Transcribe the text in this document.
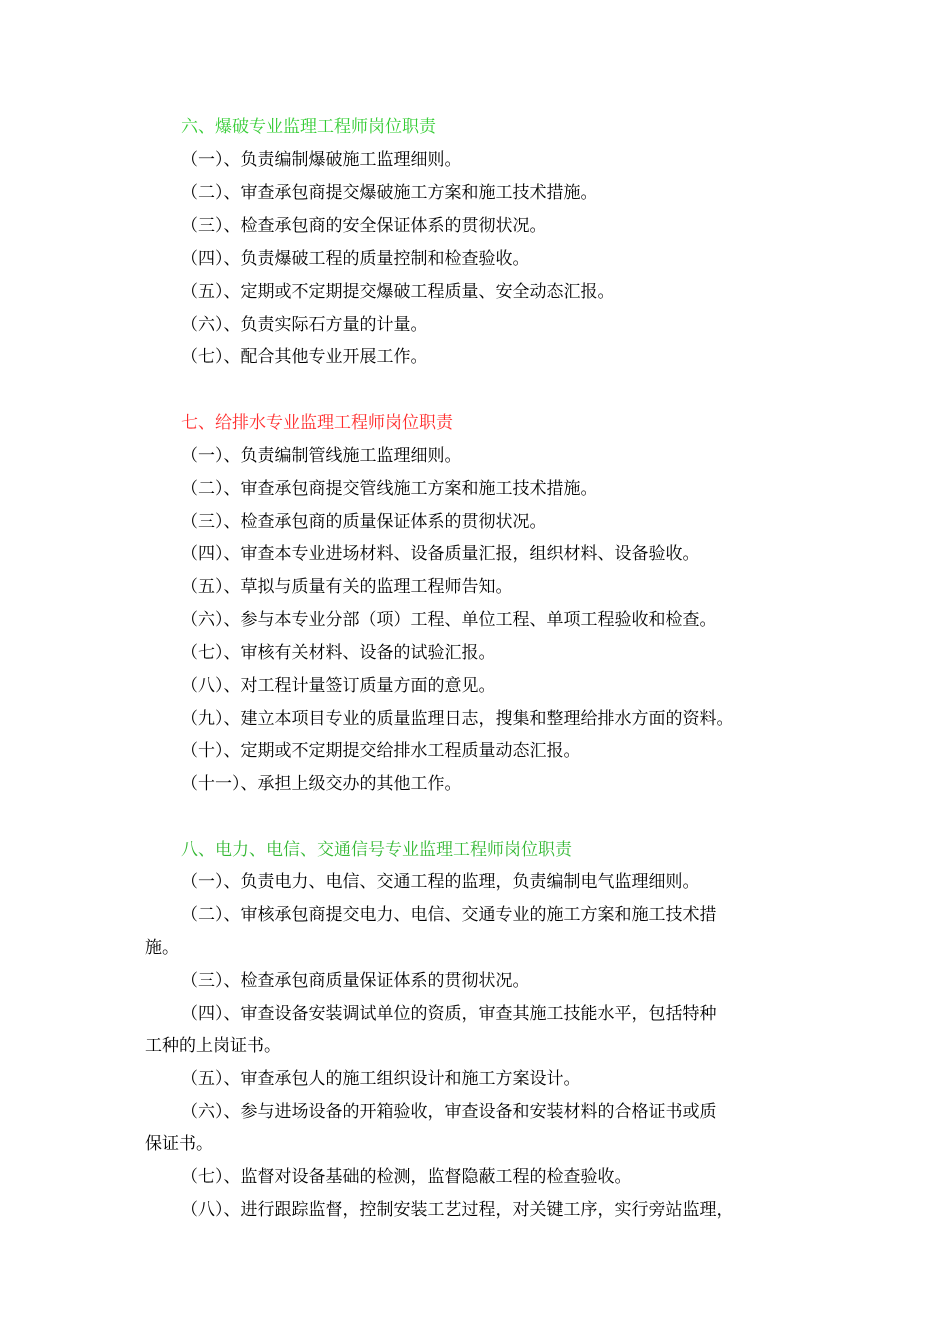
六、爆破专业监理工程师岗位职责
（一）、负责编制爆破施工监理细则。
（二）、审查承包商提交爆破施工方案和施工技术措施。
（三）、检查承包商的安全保证体系的贯彻状况。
（四）、负责爆破工程的质量控制和检查验收。
（五）、定期或不定期提交爆破工程质量、安全动态汇报。
（六）、负责实际石方量的计量。
（七）、配合其他专业开展工作。
七、给排水专业监理工程师岗位职责
（一）、负责编制管线施工监理细则。
（二）、审查承包商提交管线施工方案和施工技术措施。
（三）、检查承包商的质量保证体系的贯彻状况。
（四）、审查本专业进场材料、设备质量汇报，组织材料、设备验收。
（五）、草拟与质量有关的监理工程师告知。
（六）、参与本专业分部（项）工程、单位工程、单项工程验收和检查。
（七）、审核有关材料、设备的试验汇报。
（八）、对工程计量签订质量方面的意见。
（九）、建立本项目专业的质量监理日志，搜集和整理给排水方面的资料。
（十）、定期或不定期提交给排水工程质量动态汇报。
（十一）、承担上级交办的其他工作。
八、电力、电信、交通信号专业监理工程师岗位职责
（一）、负责电力、电信、交通工程的监理，负责编制电气监理细则。
（二）、审核承包商提交电力、电信、交通专业的施工方案和施工技术措
施。
（三）、检查承包商质量保证体系的贯彻状况。
（四）、审查设备安装调试单位的资质，审查其施工技能水平，包括特种
工种的上岗证书。
（五）、审查承包人的施工组织设计和施工方案设计。
（六）、参与进场设备的开箱验收，审查设备和安装材料的合格证书或质
保证书。
（七）、监督对设备基础的检测，监督隐蔽工程的检查验收。
（八）、进行跟踪监督，控制安装工艺过程，对关键工序，实行旁站监理，
